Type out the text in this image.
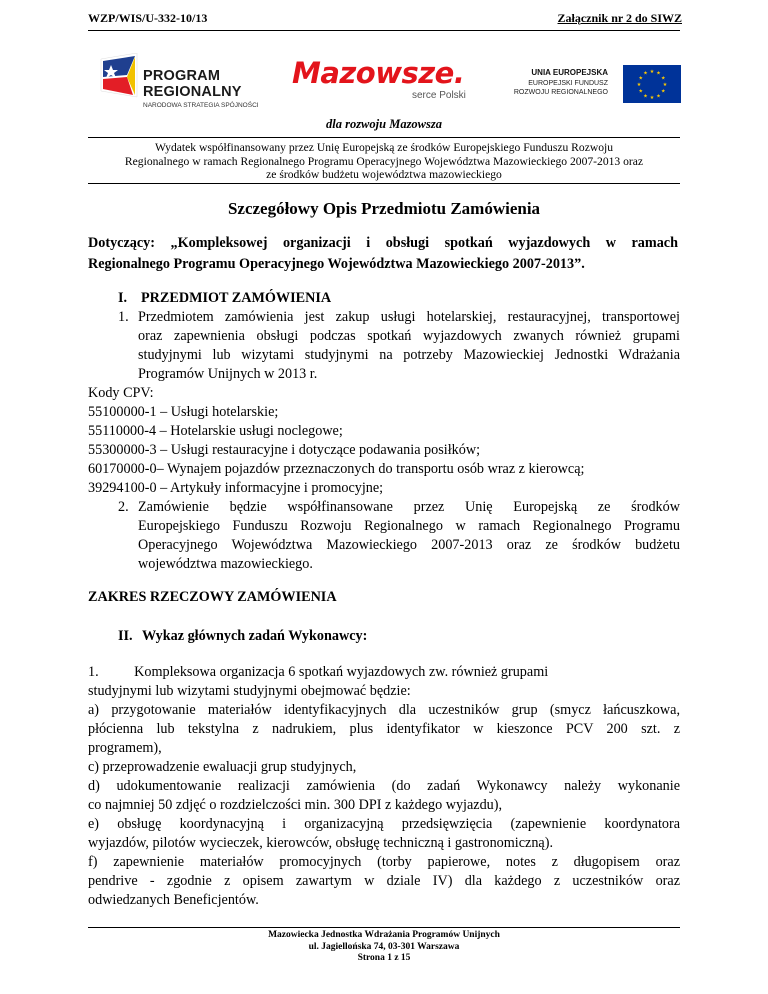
WZP/WIS/U-332-10/13	Załącznik nr 2 do SIWZ
PROGRAM
REGIONALNY
NARODOWA STRATEGIA SPÓJNOŚCI
Mazowsze.
serce Polski
UNIA EUROPEJSKA
EUROPEJSKI FUNDUSZ
ROZWOJU REGIONALNEGO
★ ★
★
★
★
★
★
★
★
★
★
★
dla rozwoju Mazowsza
Wydatek współfinansowany przez Unię Europejską ze środków Europejskiego Funduszu Rozwoju
Regionalnego w ramach Regionalnego Programu Operacyjnego Województwa Mazowieckiego 2007-2013 oraz
ze środków budżetu województwa mazowieckiego
Szczegółowy Opis Przedmiotu Zamówienia
Dotyczący: „Kompleksowej organizacji i obsługi spotkań wyjazdowych w ramach
Regionalnego Programu Operacyjnego Województwa Mazowieckiego 2007-2013”.
I. PRZEDMIOT ZAMÓWIENIA
1. Przedmiotem zamówienia jest zakup usługi hotelarskiej, restauracyjnej, transportowej
oraz zapewnienia obsługi podczas spotkań wyjazdowych zwanych również grupami
studyjnymi lub wizytami studyjnymi na potrzeby Mazowieckiej Jednostki Wdrażania
Programów Unijnych w 2013 r.
Kody CPV:
55100000-1 – Usługi hotelarskie;
55110000-4 – Hotelarskie usługi noclegowe;
55300000-3 – Usługi restauracyjne i dotyczące podawania posiłków;
60170000-0– Wynajem pojazdów przeznaczonych do transportu osób wraz z kierowcą;
39294100-0 – Artykuły informacyjne i promocyjne;
2. Zamówienie będzie współfinansowane przez Unię Europejską ze środków
Europejskiego Funduszu Rozwoju Regionalnego w ramach Regionalnego Programu
Operacyjnego Województwa Mazowieckiego 2007-2013 oraz ze środków budżetu
województwa mazowieckiego.
ZAKRES RZECZOWY ZAMÓWIENIA
II. Wykaz głównych zadań Wykonawcy:

1.          Kompleksowa organizacja 6 spotkań wyjazdowych zw. również grupami

studyjnymi lub wizytami studyjnymi obejmować będzie:

a) przygotowanie materiałów identyfikacyjnych dla uczestników grup (smycz łańcuszkowa,

płócienna lub tekstylna z nadrukiem, plus identyfikator w kieszonce PCV 200 szt. z

programem),

c) przeprowadzenie ewaluacji grup studyjnych,

d) udokumentowanie realizacji zamówienia (do zadań Wykonawcy należy wykonanie

co najmniej 50 zdjęć o rozdzielczości min. 300 DPI z każdego wyjazdu),

e) obsługę koordynacyjną i organizacyjną przedsięwzięcia (zapewnienie koordynatora

wyjazdów, pilotów wycieczek, kierowców, obsługę techniczną i gastronomiczną).

f) zapewnienie materiałów promocyjnych (torby papierowe, notes z długopisem oraz

pendrive - zgodnie z opisem zawartym w dziale IV) dla każdego z uczestników oraz

odwiedzanych Beneficjentów.

Mazowiecka Jednostka Wdrażania Programów Unijnych
ul. Jagiellońska 74, 03-301 Warszawa
Strona 1 z 15
